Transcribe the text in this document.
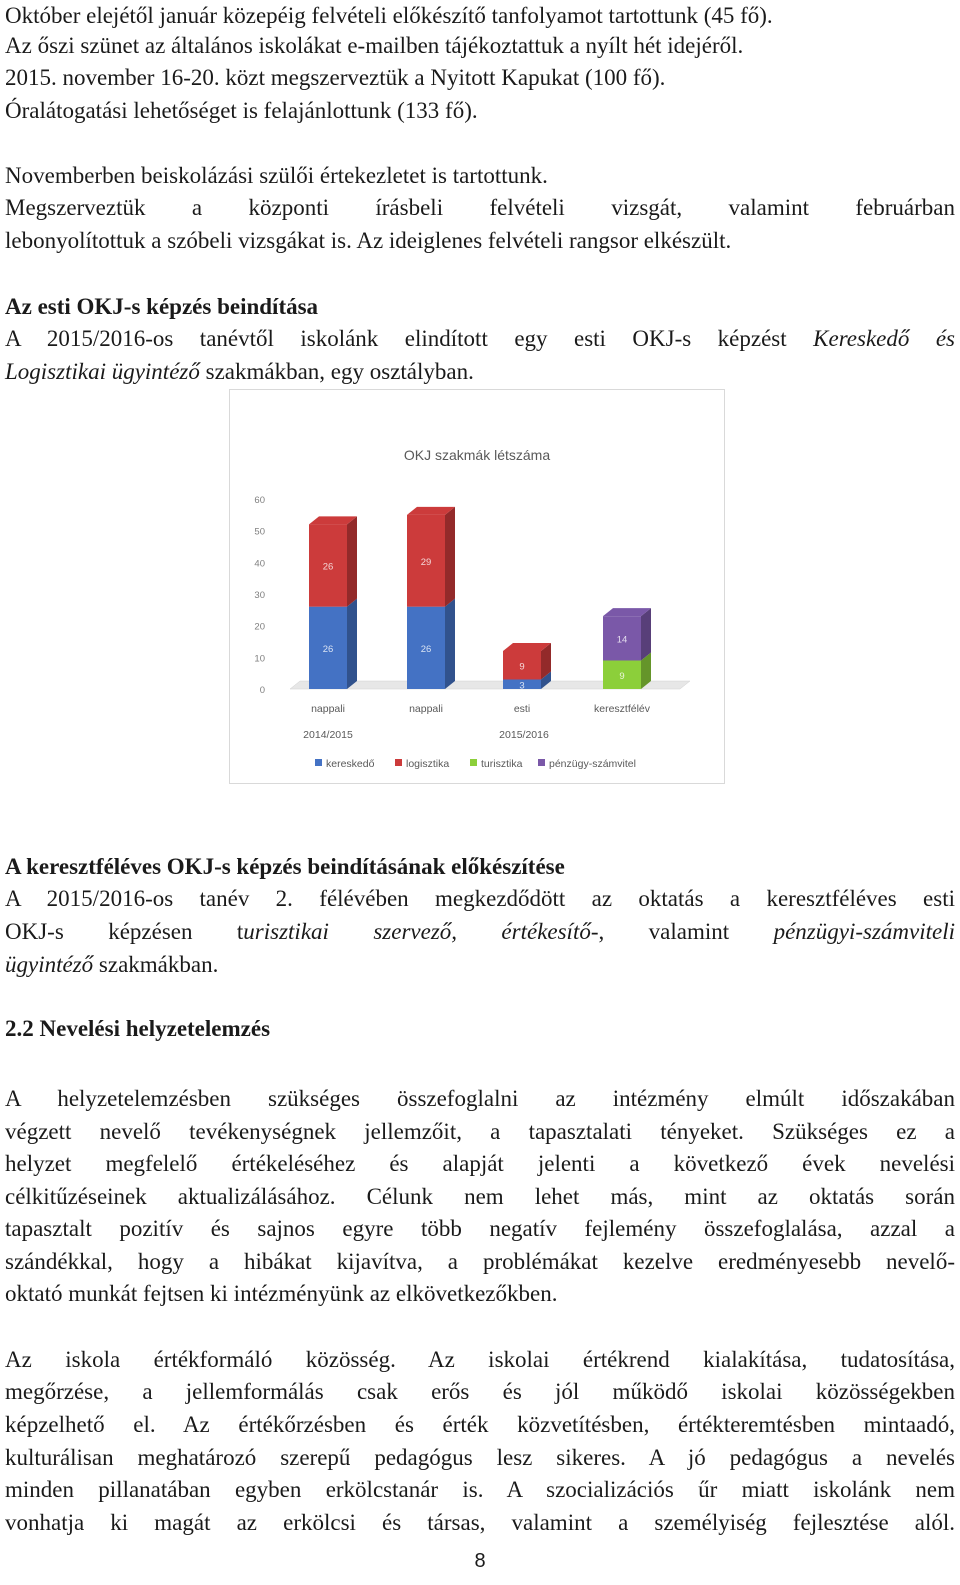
Október elejétől január közepéig felvételi előkészítő tanfolyamot tartottunk (45 fő).
Az őszi szünet az általános iskolákat e-mailben tájékoztattuk a nyílt hét idejéről.
2015. november 16-20. közt megszerveztük a Nyitott Kapukat (100 fő).
Óralátogatási lehetőséget is felajánlottunk (133 fő).
Novemberben beiskolázási szülői értekezletet is tartottunk.
Megszerveztük a központi írásbeli felvételi vizsgát, valamint februárban
lebonyolítottuk a szóbeli vizsgákat is. Az ideiglenes felvételi rangsor elkészült.
Az esti OKJ-s képzés beindítása
A 2015/2016-os tanévtől iskolánk elindított egy esti OKJ-s képzést Kereskedő és
Logisztikai ügyintéző szakmákban, egy osztályban.
OKJ szakmák létszáma
0
10
20
30
40
50
60
26
26
nappali
26
29
nappali
3
9
esti
9
14
keresztfélév
2014/2015	2015/2016
kereskedő	logisztika	turisztika	pénzügy-számvitel
A keresztféléves OKJ-s képzés beindításának előkészítése
A 2015/2016-os tanév 2. félévében megkezdődött az oktatás a keresztféléves esti
OKJ-s képzésen turisztikai szervező, értékesítő-, valamint pénzügyi-számviteli
ügyintéző szakmákban.
2.2 Nevelési helyzetelemzés
A helyzetelemzésben szükséges összefoglalni az intézmény elmúlt időszakában
végzett nevelő tevékenységnek jellemzőit, a tapasztalati tényeket. Szükséges ez a
helyzet megfelelő értékeléséhez és alapját jelenti a következő évek nevelési
célkitűzéseinek aktualizálásához. Célunk nem lehet más, mint az oktatás során
tapasztalt pozitív és sajnos egyre több negatív fejlemény összefoglalása, azzal a
szándékkal, hogy a hibákat kijavítva, a problémákat kezelve eredményesebb nevelő-
oktató munkát fejtsen ki intézményünk az elkövetkezőkben.
Az iskola értékformáló közösség. Az iskolai értékrend kialakítása, tudatosítása,
megőrzése, a jellemformálás csak erős és jól működő iskolai közösségekben
képzelhető el. Az értékőrzésben és érték közvetítésben, értékteremtésben mintaadó,
kulturálisan meghatározó szerepű pedagógus lesz sikeres. A jó pedagógus a nevelés
minden pillanatában egyben erkölcstanár is. A szocializációs űr miatt iskolánk nem
vonhatja ki magát az erkölcsi és társas, valamint a személyiség fejlesztése alól.
8
